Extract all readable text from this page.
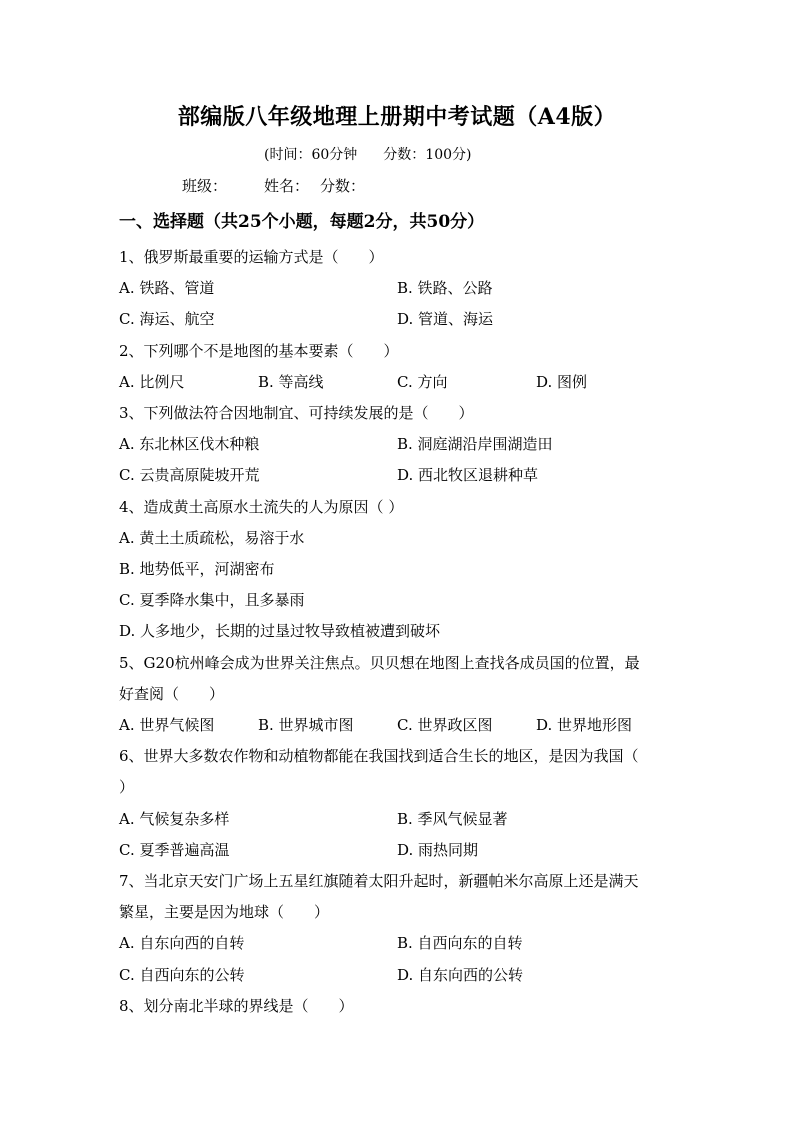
部编版八年级地理上册期中考试题（A4版）
(时间：60分钟 分数：100分)
班级： 姓名： 分数：
一、选择题（共25个小题，每题2分，共50分）
1、俄罗斯最重要的运输方式是（　　）
A. 铁路、管道	B. 铁路、公路
C. 海运、航空	D. 管道、海运
2、下列哪个不是地图的基本要素（　　）
A. 比例尺	B. 等高线	C. 方向	D. 图例
3、下列做法符合因地制宜、可持续发展的是（　　）
A. 东北林区伐木种粮	B. 洞庭湖沿岸围湖造田
C. 云贵高原陡坡开荒	D. 西北牧区退耕种草
4、造成黄土高原水土流失的人为原因（ ）
A. 黄土土质疏松，易溶于水
B. 地势低平，河湖密布
C. 夏季降水集中，且多暴雨
D. 人多地少，长期的过垦过牧导致植被遭到破坏
5、G20杭州峰会成为世界关注焦点。贝贝想在地图上查找各成员国的位置，最
好查阅（　　）
A. 世界气候图	B. 世界城市图	C. 世界政区图	D. 世界地形图
6、世界大多数农作物和动植物都能在我国找到适合生长的地区，是因为我国（
）
A. 气候复杂多样	B. 季风气候显著
C. 夏季普遍高温	D. 雨热同期
7、当北京天安门广场上五星红旗随着太阳升起时，新疆帕米尔高原上还是满天
繁星，主要是因为地球（　　）
A. 自东向西的自转	B. 自西向东的自转
C. 自西向东的公转	D. 自东向西的公转
8、划分南北半球的界线是（　　）
